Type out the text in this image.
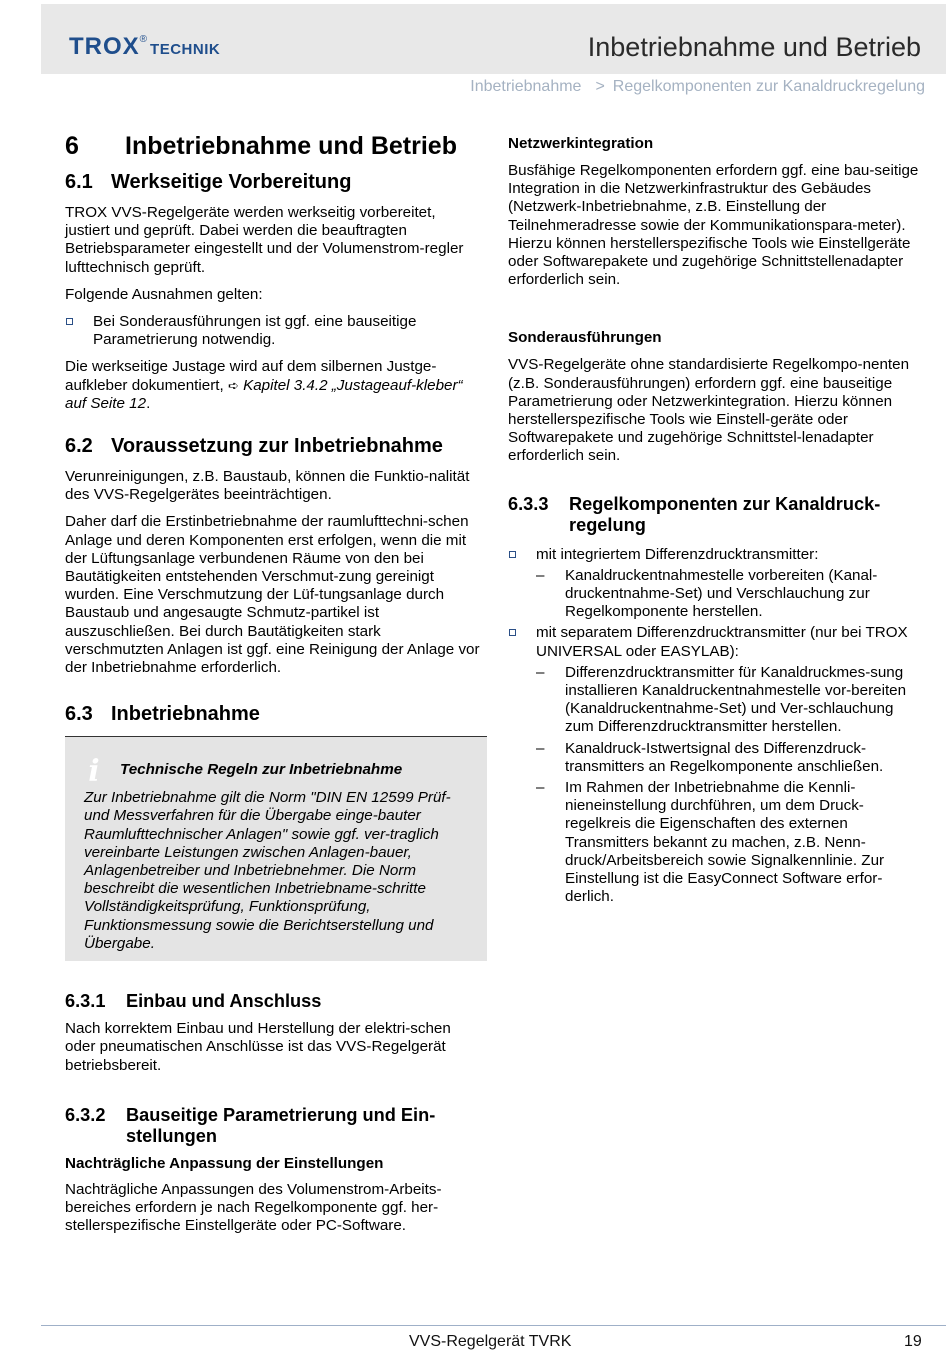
TROX ®
TECHNIK	Inbetriebnahme und Betrieb
Inbetriebnahme > Regelkomponenten zur Kanaldruckregelung
6 Inbetriebnahme und Betrieb
6.1 Werkseitige Vorbereitung

TROX VVS-Regelgeräte werden werkseitig vorbereitet, justiert und geprüft. Dabei werden die beauftragten Betriebsparameter eingestellt und der Volumenstrom-regler lufttechnisch geprüft.

Folgende Ausnahmen gelten:

Bei Sonderausführungen ist ggf. eine bauseitige Parametrierung notwendig.

Die werkseitige Justage wird auf dem silbernen Justge-aufkleber dokumentiert, ➪ Kapitel 3.4.2 „Justageauf-kleber“ auf Seite 12.

6.2 Voraussetzung zur Inbetriebnahme

Verunreinigungen, z.B. Baustaub, können die Funktio-nalität des VVS-Regelgerätes beeinträchtigen.

Daher darf die Erstinbetriebnahme der raumlufttechni-schen Anlage und deren Komponenten erst erfolgen, wenn die mit der Lüftungsanlage verbundenen Räume von den bei Bautätigkeiten entstehenden Verschmut-zung gereinigt wurden. Eine Verschmutzung der Lüf-tungsanlage durch Baustaub und angesaugte Schmutz-partikel ist auszuschließen. Bei durch Bautätigkeiten stark verschmutzten Anlagen ist ggf. eine Reinigung der Anlage vor der Inbetriebnahme erforderlich.

6.3 Inbetriebnahme
i Technische Regeln zur Inbetriebnahme

Zur Inbetriebnahme gilt die Norm "DIN EN 12599 Prüf- und Messverfahren für die Übergabe einge-bauter Raumlufttechnischer Anlagen" sowie ggf. ver-traglich vereinbarte Leistungen zwischen Anlagen-bauer, Anlagenbetreiber und Inbetriebnehmer. Die Norm beschreibt die wesentlichen Inbetriebname-schritte Vollständigkeitsprüfung, Funktionsprüfung, Funktionsmessung sowie die Berichtserstellung und Übergabe.

6.3.1 Einbau und Anschluss

Nach korrektem Einbau und Herstellung der elektri-schen oder pneumatischen Anschlüsse ist das VVS-Regelgerät betriebsbereit.

6.3.2 Bauseitige Parametrierung und Ein-stellungen
Nachträgliche Anpassung der Einstellungen

Nachträgliche Anpassungen des Volumenstrom-Arbeits-bereiches erfordern je nach Regelkomponente ggf. her-stellerspezifische Einstellgeräte oder PC-Software.

Netzwerkintegration

Busfähige Regelkomponenten erfordern ggf. eine bau-seitige Integration in die Netzwerkinfrastruktur des Gebäudes (Netzwerk-Inbetriebnahme, z.B. Einstellung der Teilnehmeradresse sowie der Kommunikationspara-meter). Hierzu können herstellerspezifische Tools wie Einstellgeräte oder Softwarepakete und zugehörige Schnittstellenadapter erforderlich sein.

Sonderausführungen

VVS-Regelgeräte ohne standardisierte Regelkompo-nenten (z.B. Sonderausführungen) erfordern ggf. eine bauseitige Parametrierung oder Netzwerkintegration. Hierzu können herstellerspezifische Tools wie Einstell-geräte oder Softwarepakete und zugehörige Schnittstel-lenadapter erforderlich sein.

6.3.3 Regelkomponenten zur Kanaldruck-regelung
mit integriertem Differenzdrucktransmitter:
– Kanaldruckentnahmestelle vorbereiten (Kanal-druckentnahme-Set) und Verschlauchung zur Regelkomponente herstellen.
mit separatem Differenzdrucktransmitter (nur bei TROX UNIVERSAL oder EASYLAB):
– Differenzdrucktransmitter für Kanaldruckmes-sung installieren Kanaldruckentnahmestelle vor-bereiten (Kanaldruckentnahme-Set) und Ver-schlauchung zum Differenzdrucktransmitter herstellen.
– Kanaldruck-Istwertsignal des Differenzdruck-transmitters an Regelkomponente anschließen.
– Im Rahmen der Inbetriebnahme die Kennli-nieneinstellung durchführen, um dem Druck-regelkreis die Eigenschaften des externen Transmitters bekannt zu machen, z.B. Nenn-druck/Arbeitsbereich sowie Signalkennlinie. Zur Einstellung ist die EasyConnect Software erfor-derlich.
VVS-Regelgerät TVRK	19
